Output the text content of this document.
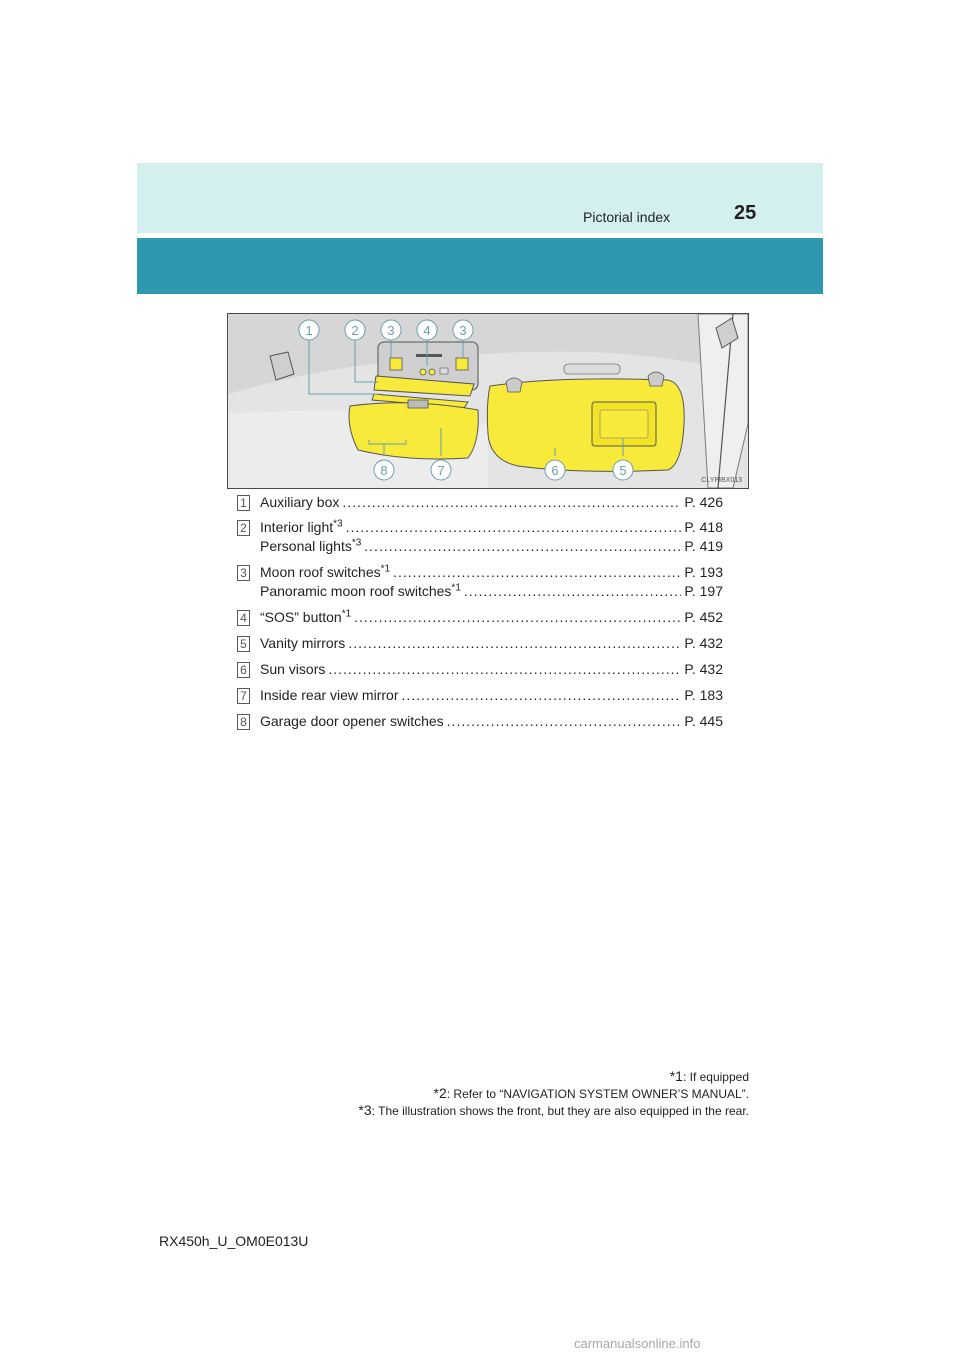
Pictorial index	25
1	2 3 4 3
8	7	6	5
CLYPIBX013
1 Auxiliary box .....	P. 426
2 Interior light$^{*3}$ .....	P. 418
Personal lights$^{*3}$ .....	P. 419
3 Moon roof switches$^{*1}$ .....	P. 193
Panoramic moon roof switches$^{*1}$ .....	P. 197
4 “SOS” button$^{*1}$ .....	P. 452
5 Vanity mirrors .....	P. 432
6 Sun visors .....	P. 432
7 Inside rear view mirror .....	P. 183
8 Garage door opener switches .....	P. 445
*1: If equipped
*2: Refer to “NAVIGATION SYSTEM OWNER’S MANUAL”.
*3: The illustration shows the front, but they are also equipped in the rear.
RX450h_U_OM0E013U
carmanualsonline.info
